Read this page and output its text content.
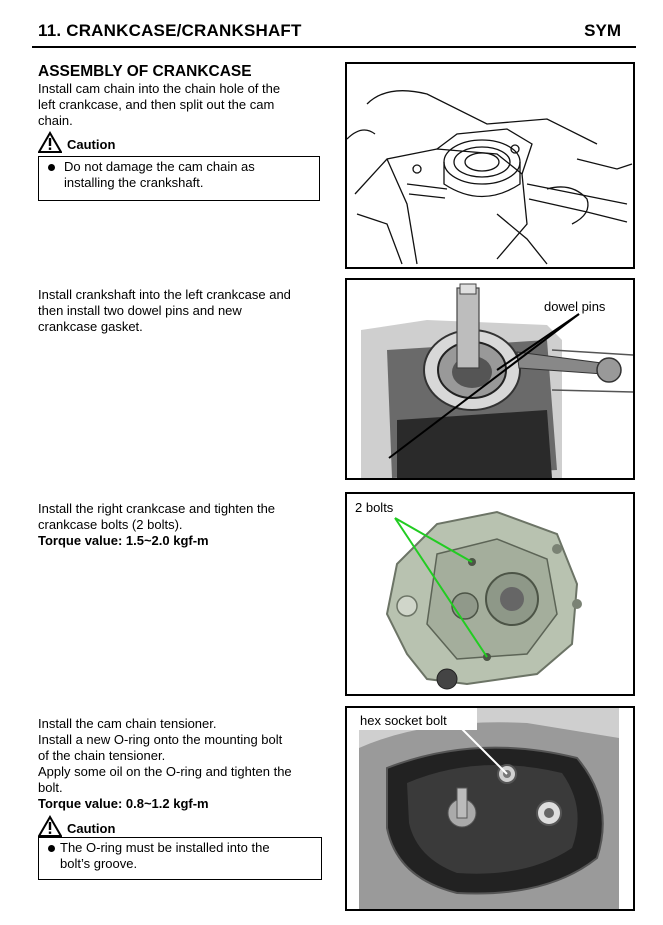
11. CRANKCASE/CRANKSHAFT	SYM
ASSEMBLY OF CRANKCASE
Install cam chain into the chain hole of the
left crankcase, and then split out the cam
chain.
Caution
Do not damage the cam chain as
installing the crankshaft.
Install crankshaft into the left crankcase and
then install two dowel pins and new
crankcase gasket.
dowel pins
Install the right crankcase and tighten the
crankcase bolts (2 bolts).
Torque value: 1.5~2.0 kgf-m
2 bolts
Install the cam chain tensioner.
Install a new O-ring onto the mounting bolt
of the chain tensioner.
Apply some oil on the O-ring and tighten the
bolt.
Torque value: 0.8~1.2 kgf-m
Caution
The O-ring must be installed into the
bolt’s groove.
hex socket bolt
